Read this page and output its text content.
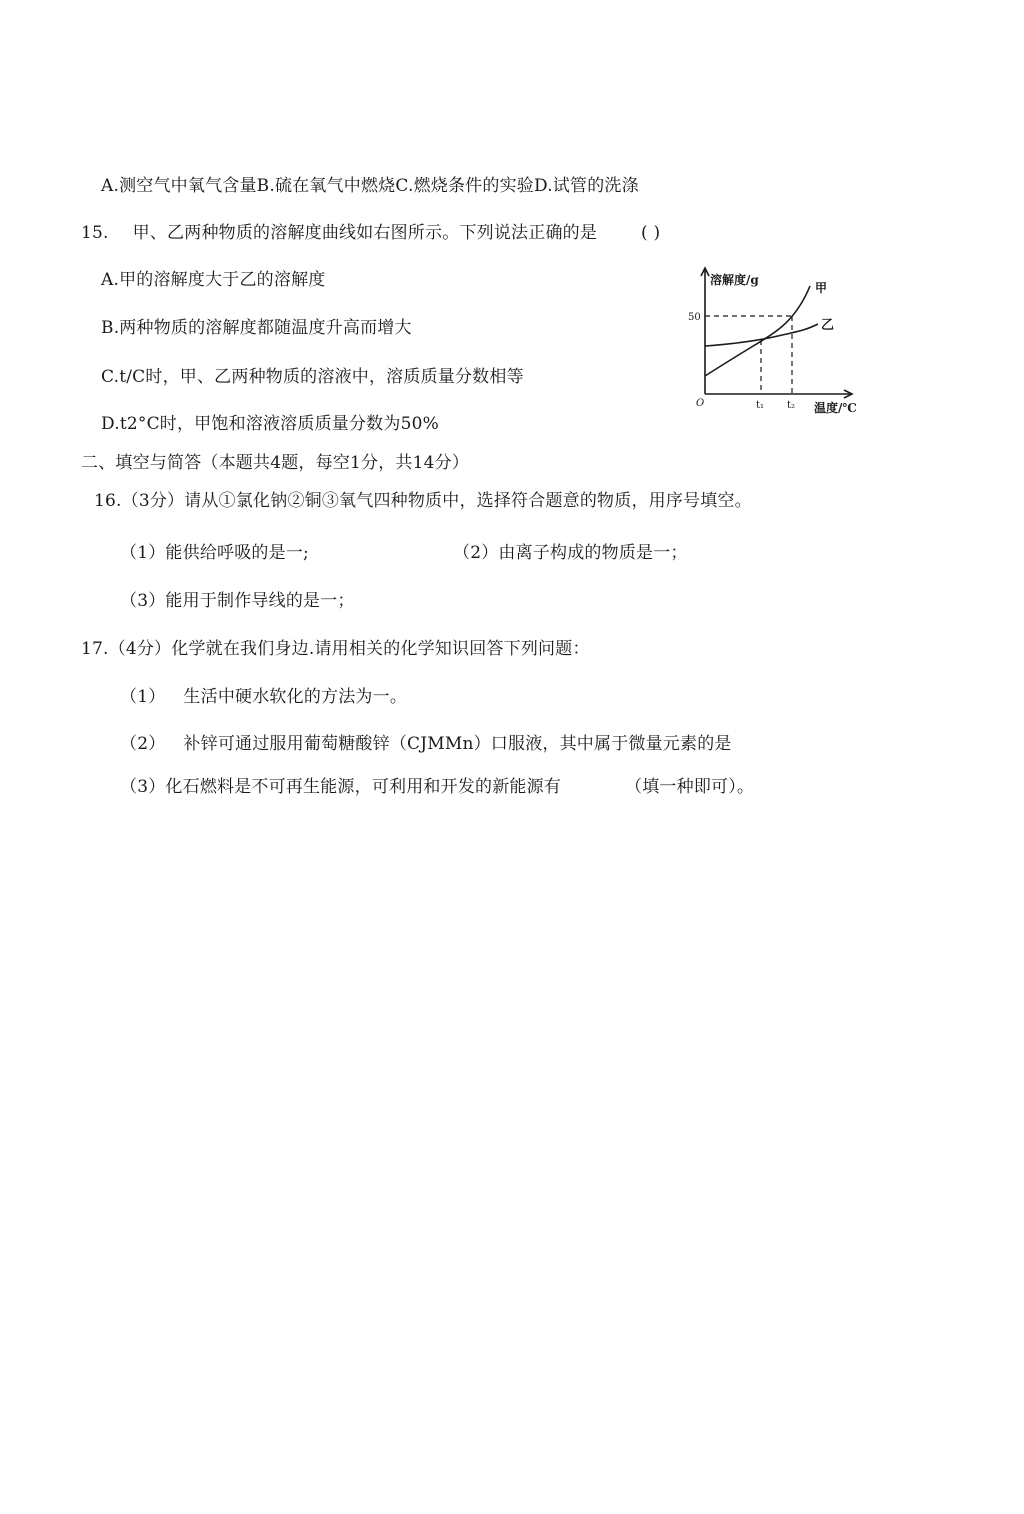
A.测空气中氧气含量B.硫在氧气中燃烧C.燃烧条件的实验D.试管的洗涤
15. 甲、乙两种物质的溶解度曲线如右图所示。下列说法正确的是	( )
A.甲的溶解度大于乙的溶解度
B.两种物质的溶解度都随温度升高而增大
C.t/C时，甲、乙两种物质的溶液中，溶质质量分数相等
D.t2°C时，甲饱和溶液溶质质量分数为50%
溶解度/g
50
O	t₁ t₂ 温度/℃
甲
乙
二、填空与简答（本题共4题，每空1分，共14分）
16.（3分）请从①氯化钠②铜③氧气四种物质中，选择符合题意的物质，用序号填空。
（1）能供给呼吸的是一;	（2）由离子构成的物质是一；
（3）能用于制作导线的是一；
17.（4分）化学就在我们身边.请用相关的化学知识回答下列问题：
（1） 生活中硬水软化的方法为一。
（2） 补锌可通过服用葡萄糖酸锌（CJMMn）口服液，其中属于微量元素的是
（3）化石燃料是不可再生能源，可利用和开发的新能源有	（填一种即可）。
